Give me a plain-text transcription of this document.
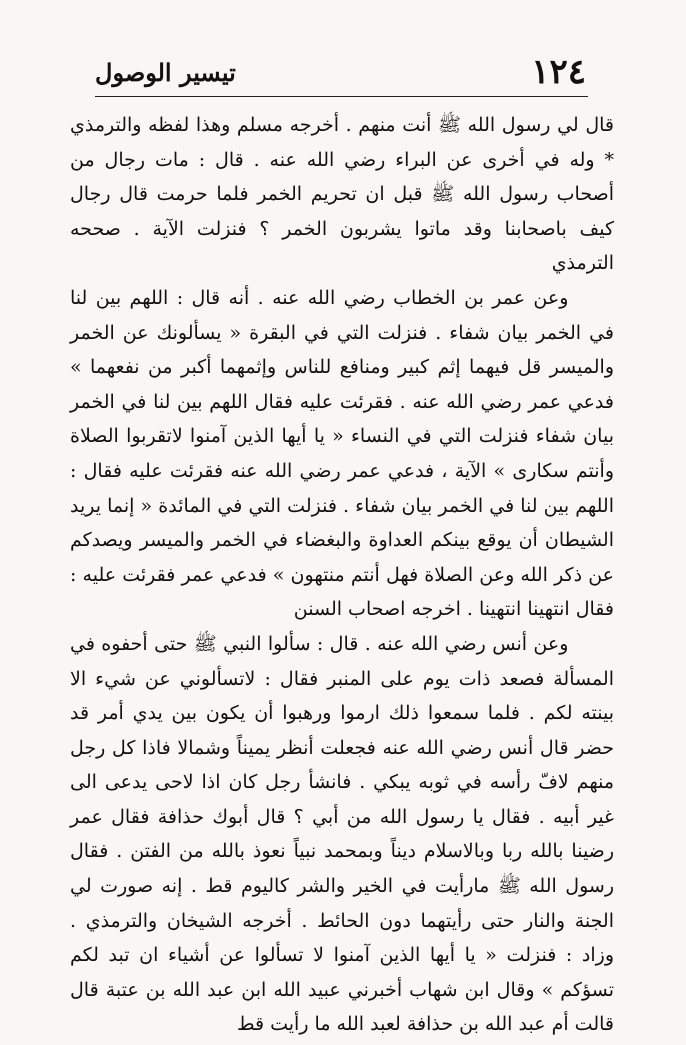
١٢٤
تيسير الوصول

قال لي رسول الله ﷺ أنت منهم . أخرجه مسلم وهذا لفظه والترمذي * وله في أخرى عن البراء رضي الله عنه . قال : مات رجال من أصحاب رسول الله ﷺ قبل ان تحريم الخمر فلما حرمت قال رجال كيف باصحابنا وقد ماتوا يشربون الخمر ؟ فنزلت الآية . صححه الترمذي

وعن عمر بن الخطاب رضي الله عنه . أنه قال : اللهم بين لنا في الخمر بيان شفاء . فنزلت التي في البقرة « يسألونك عن الخمر والميسر قل فيهما إثم كبير ومنافع للناس وإثمهما أكبر من نفعهما » فدعي عمر رضي الله عنه . فقرئت عليه فقال اللهم بين لنا في الخمر بيان شفاء فنزلت التي في النساء « يا أيها الذين آمنوا لاتقربوا الصلاة وأنتم سكارى » الآية ، فدعي عمر رضي الله عنه فقرئت عليه فقال : اللهم بين لنا في الخمر بيان شفاء . فنزلت التي في المائدة « إنما يريد الشيطان أن يوقع بينكم العداوة والبغضاء في الخمر والميسر ويصدكم عن ذكر الله وعن الصلاة فهل أنتم منتهون » فدعي عمر فقرئت عليه : فقال انتهينا انتهينا . اخرجه اصحاب السنن

وعن أنس رضي الله عنه . قال : سألوا النبي ﷺ حتى أحفوه في المسألة فصعد ذات يوم على المنبر فقال : لاتسألوني عن شيء الا بينته لكم . فلما سمعوا ذلك ارموا ورهبوا أن يكون بين يدي أمر قد حضر قال أنس رضي الله عنه فجعلت أنظر يميناً وشمالا فاذا كل رجل منهم لافّ رأسه في ثوبه يبكي . فانشأ رجل كان اذا لاحى يدعى الى غير أبيه . فقال يا رسول الله من أبي ؟ قال أبوك حذافة فقال عمر رضينا بالله ربا وبالاسلام ديناً وبمحمد نبياً نعوذ بالله من الفتن . فقال رسول الله ﷺ مارأيت في الخير والشر كاليوم قط . إنه صورت لي الجنة والنار حتى رأيتهما دون الحائط . أخرجه الشيخان والترمذي . وزاد : فنزلت « يا أيها الذين آمنوا لا تسألوا عن أشياء ان تبد لكم تسؤكم » وقال ابن شهاب أخبرني عبيد الله ابن عبد الله بن عتبة قال قالت أم عبد الله بن حذافة لعبد الله ما رأيت قط
